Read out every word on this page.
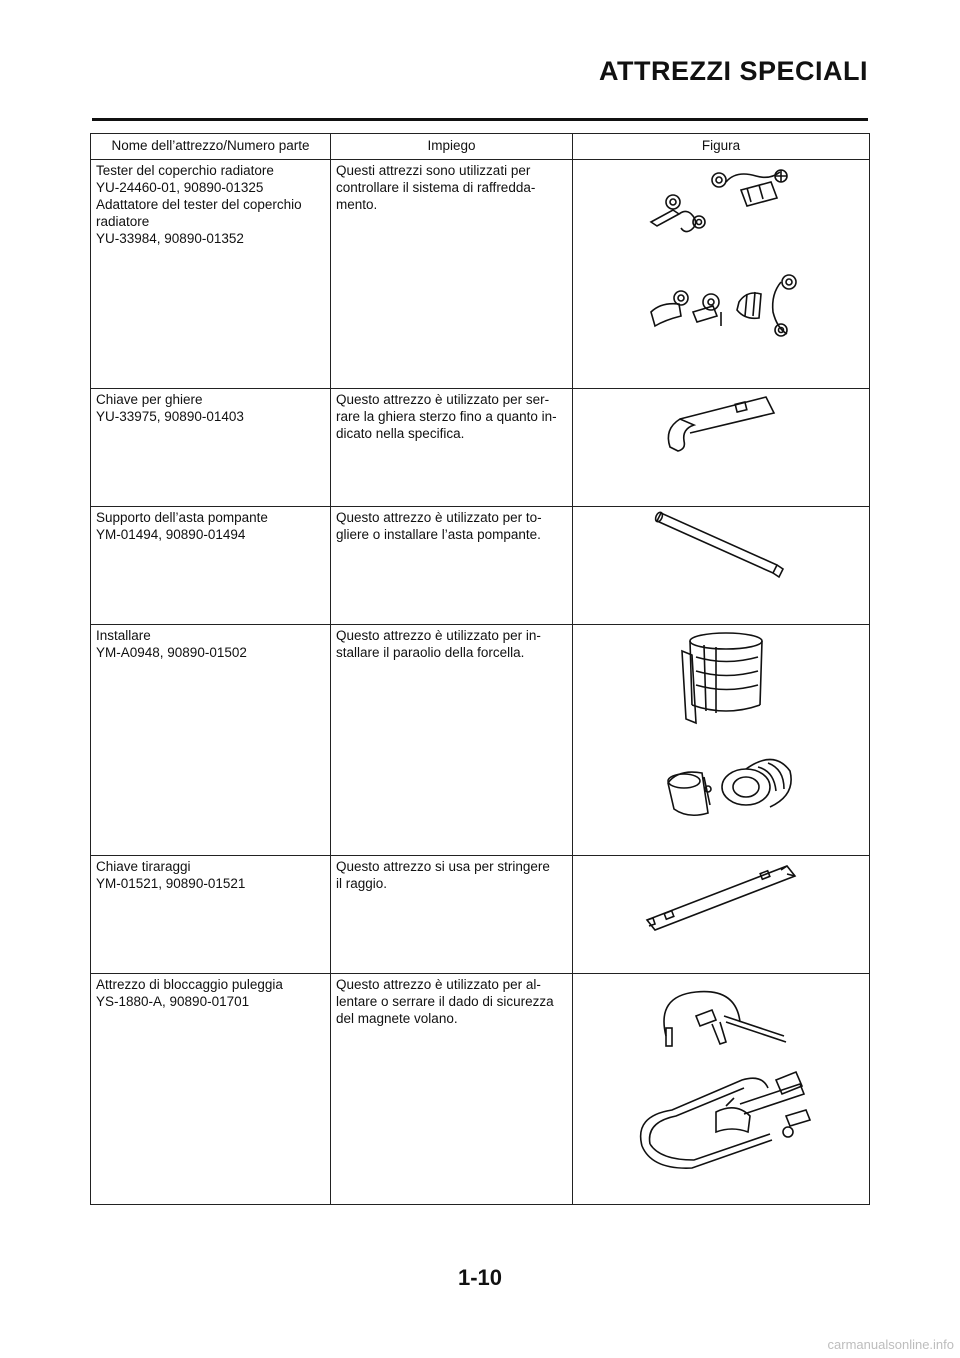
ATTREZZI SPECIALI
Nome dell’attrezzo/Numero parte	Impiego	Figura

Tester del coperchio radiatore
YU-24460-01, 90890-01325
Adattatore del tester del coperchio
radiatore
YU-33984, 90890-01352	Questi attrezzi sono utilizzati per
controllare il sistema di raffredda-
mento.

Chiave per ghiere
YU-33975, 90890-01403	Questo attrezzo è utilizzato per ser-
rare la ghiera sterzo fino a quanto in-
dicato nella specifica.

Supporto dell’asta pompante
YM-01494, 90890-01494	Questo attrezzo è utilizzato per to-
gliere o installare l’asta pompante.

Installare
YM-A0948, 90890-01502	Questo attrezzo è utilizzato per in-
stallare il paraolio della forcella.

Chiave tiraraggi
YM-01521, 90890-01521	Questo attrezzo si usa per stringere
il raggio.

Attrezzo di bloccaggio puleggia
YS-1880-A, 90890-01701	Questo attrezzo è utilizzato per al-
lentare o serrare il dado di sicurezza
del magnete volano.

1-10
carmanualsonline.info
